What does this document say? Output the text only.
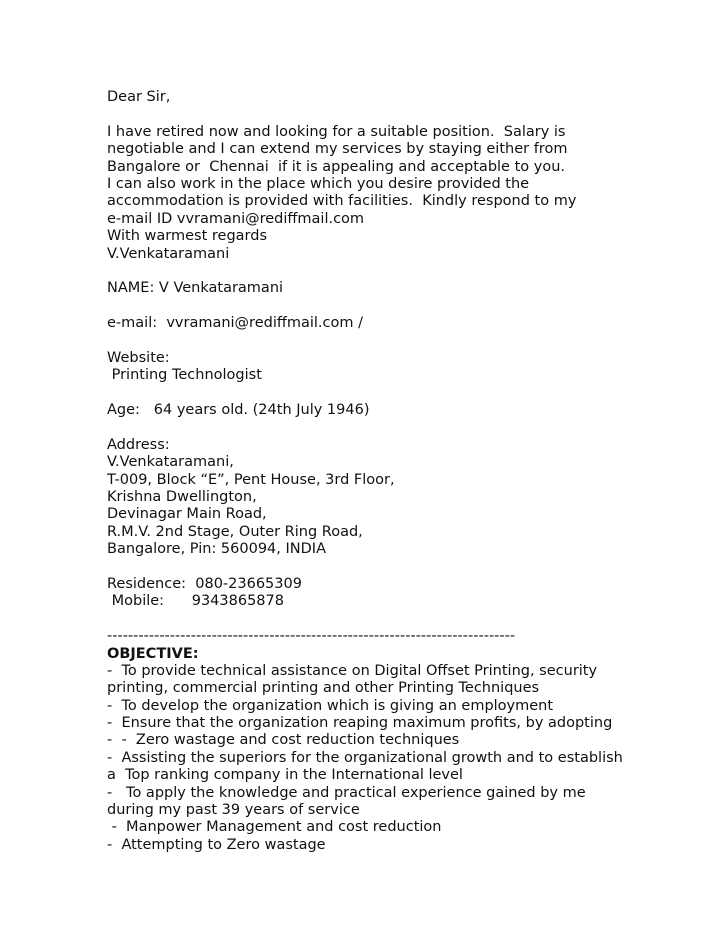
Dear Sir,
I have retired now and looking for a suitable position.  Salary is
negotiable and I can extend my services by staying either from
Bangalore or  Chennai  if it is appealing and acceptable to you.
I can also work in the place which you desire provided the
accommodation is provided with facilities.  Kindly respond to my
e-mail ID vvramani@rediffmail.com
With warmest regards
V.Venkataramani
NAME: V Venkataramani
e-mail:  vvramani@rediffmail.com /
Website:
Printing Technologist
Age:   64 years old. (24th July 1946)
Address:
V.Venkataramani,
T-009, Block “E”, Pent House, 3rd Floor,
Krishna Dwellington,
Devinagar Main Road,
R.M.V. 2nd Stage, Outer Ring Road,
Bangalore, Pin: 560094, INDIA
Residence:  080-23665309
Mobile:      9343865878
------------------------------------------------------------------------------
OBJECTIVE:
-  To provide technical assistance on Digital Offset Printing, security
printing, commercial printing and other Printing Techniques
-  To develop the organization which is giving an employment
-  Ensure that the organization reaping maximum profits, by adopting
-  -  Zero wastage and cost reduction techniques
-  Assisting the superiors for the organizational growth and to establish
a  Top ranking company in the International level
-   To apply the knowledge and practical experience gained by me
during my past 39 years of service
-  Manpower Management and cost reduction
-  Attempting to Zero wastage
